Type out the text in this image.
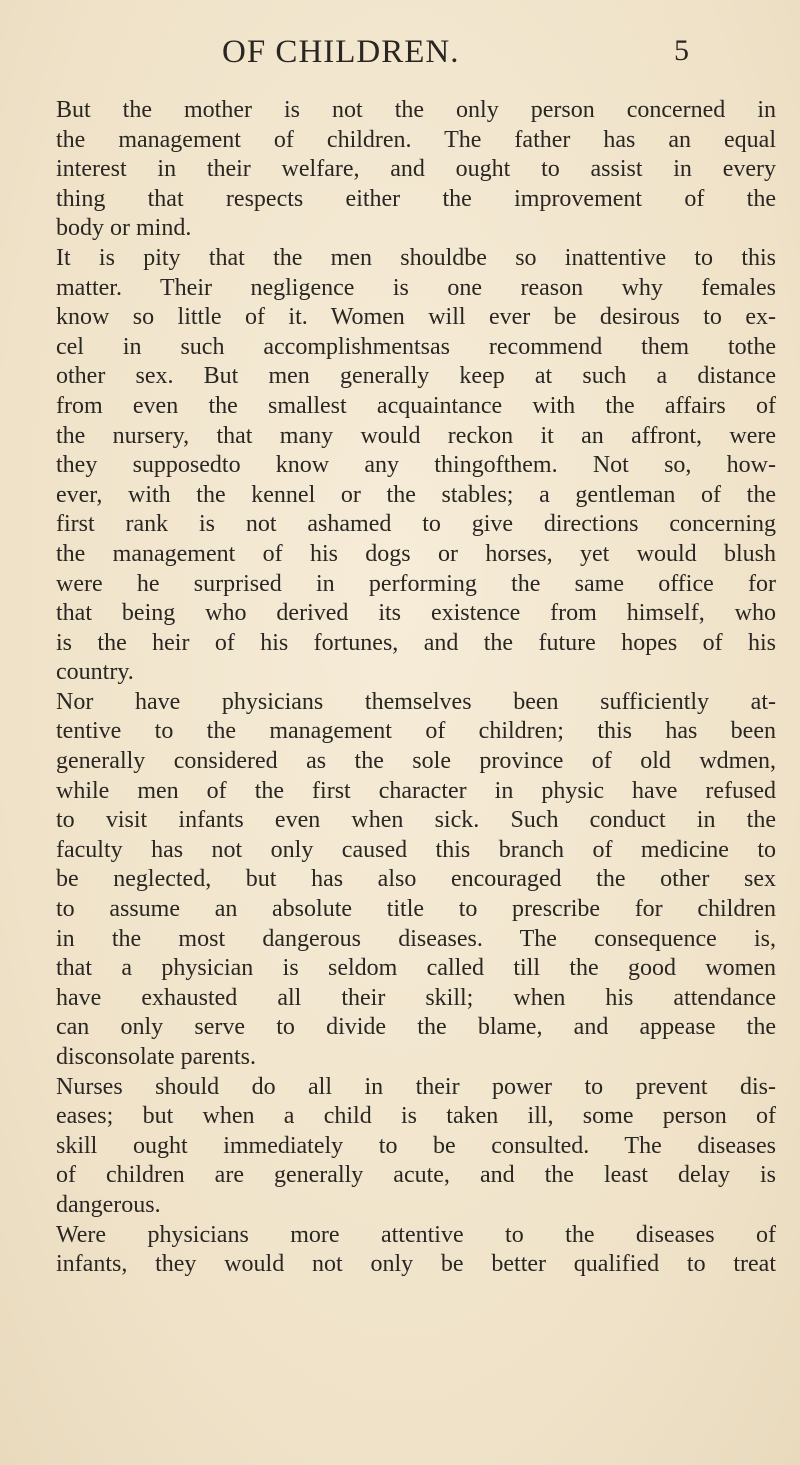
OF CHILDREN.	5
But the mother is not the only person concerned in
the management of children. The father has an equal
interest in their welfare, and ought to assist in every
thing that respects either the improvement of the
body or mind.
It is pity that the men shouldbe so inattentive to this
matter. Their negligence is one reason why females
know so little of it. Women will ever be desirous to ex-
cel in such accomplishmentsas recommend them tothe
other sex. But men generally keep at such a distance
from even the smallest acquaintance with the affairs of
the nursery, that many would reckon it an affront, were
they supposedto know any thingofthem. Not so, how-
ever, with the kennel or the stables; a gentleman of the
first rank is not ashamed to give directions concerning
the management of his dogs or horses, yet would blush
were he surprised in performing the same office for
that being who derived its existence from himself, who
is the heir of his fortunes, and the future hopes of his
country.
Nor have physicians themselves been sufficiently at-
tentive to the management of children; this has been
generally considered as the sole province of old wdmen,
while men of the first character in physic have refused
to visit infants even when sick. Such conduct in the
faculty has not only caused this branch of medicine to
be neglected, but has also encouraged the other sex
to assume an absolute title to prescribe for children
in the most dangerous diseases. The consequence is,
that a physician is seldom called till the good women
have exhausted all their skill; when his attendance
can only serve to divide the blame, and appease the
disconsolate parents.
Nurses should do all in their power to prevent dis-
eases; but when a child is taken ill, some person of
skill ought immediately to be consulted. The diseases
of children are generally acute, and the least delay is
dangerous.
Were physicians more attentive to the diseases of
infants, they would not only be better qualified to treat
